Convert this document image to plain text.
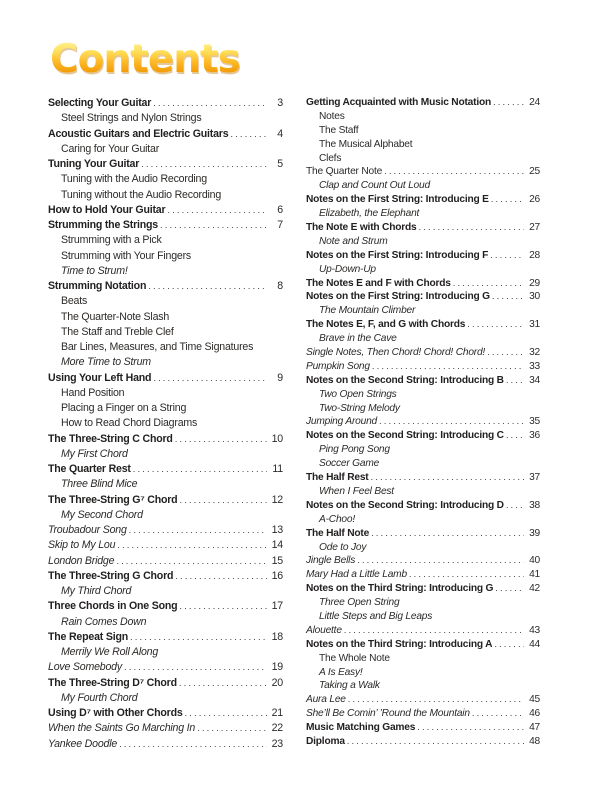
Contents
Selecting Your Guitar .....	3
Steel Strings and Nylon Strings
Acoustic Guitars and Electric Guitars .....	4
Caring for Your Guitar
Tuning Your Guitar .....	5
Tuning with the Audio Recording
Tuning without the Audio Recording
How to Hold Your Guitar .....	6
Strumming the Strings .....	7
Strumming with a Pick
Strumming with Your Fingers
Time to Strum!
Strumming Notation .....	8
Beats
The Quarter-Note Slash
The Staff and Treble Clef
Bar Lines, Measures, and Time Signatures
More Time to Strum
Using Your Left Hand .....	9
Hand Position
Placing a Finger on a String
How to Read Chord Diagrams
The Three-String C Chord .....	10
My First Chord
The Quarter Rest .....	11
Three Blind Mice
The Three-String G⁷ Chord .....	12
My Second Chord
Troubadour Song .....	13
Skip to My Lou .....	14
London Bridge .....	15
The Three-String G Chord .....	16
My Third Chord
Three Chords in One Song .....	17
Rain Comes Down
The Repeat Sign .....	18
Merrily We Roll Along
Love Somebody .....	19
The Three-String D⁷ Chord .....	20
My Fourth Chord
Using D⁷ with Other Chords .....	21
When the Saints Go Marching In .....	22
Yankee Doodle .....	23
Getting Acquainted with Music Notation .....	24
Notes
The Staff
The Musical Alphabet
Clefs
The Quarter Note .....	25
Clap and Count Out Loud
Notes on the First String: Introducing E .....	26
Elizabeth, the Elephant
The Note E with Chords .....	27
Note and Strum
Notes on the First String: Introducing F .....	28
Up-Down-Up
The Notes E and F with Chords .....	29
Notes on the First String: Introducing G .....	30
The Mountain Climber
The Notes E, F, and G with Chords .....	31
Brave in the Cave
Single Notes, Then Chord! Chord! Chord! .....	32
Pumpkin Song .....	33
Notes on the Second String: Introducing B ..... 34
Two Open Strings
Two-String Melody
Jumping Around .....	35
Notes on the Second String: Introducing C ..... 36
Ping Pong Song
Soccer Game
The Half Rest .....	37
When I Feel Best
Notes on the Second String: Introducing D ..... 38
A-Choo!
The Half Note .....	39
Ode to Joy
Jingle Bells .....	40
Mary Had a Little Lamb .....	41
Notes on the Third String: Introducing G .....	42
Three Open String
Little Steps and Big Leaps
Alouette .....	43
Notes on the Third String: Introducing A .....	44
The Whole Note
A Is Easy!
Taking a Walk
Aura Lee .....	45
She’ll Be Comin’ ’Round the Mountain .....	46
Music Matching Games .....	47
Diploma .....	48
